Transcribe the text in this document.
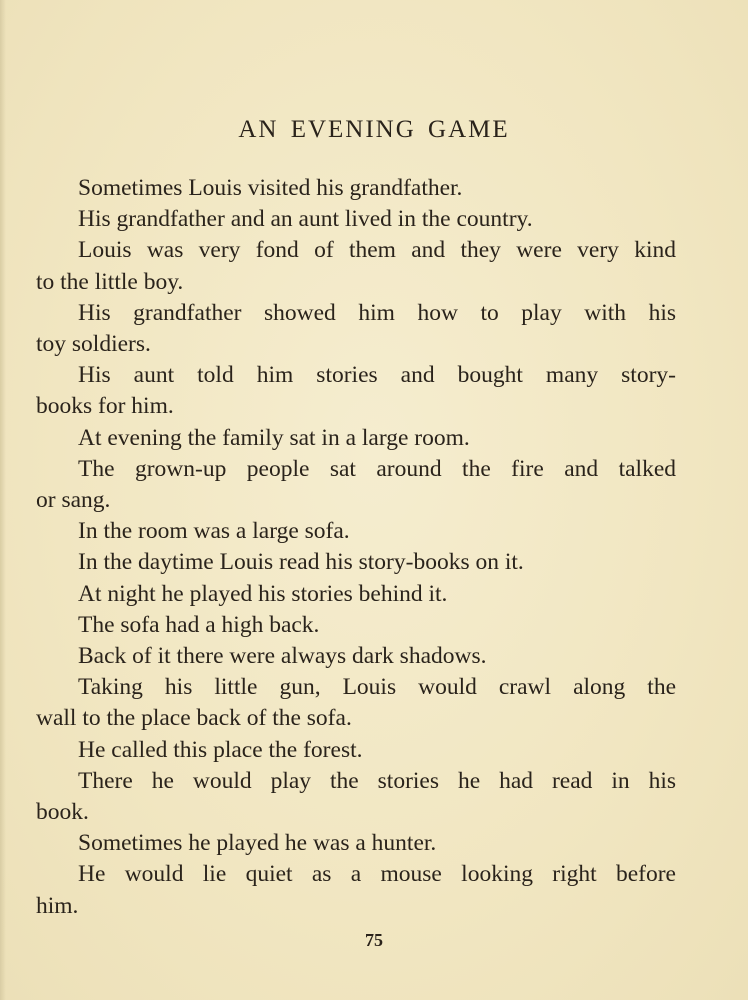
AN EVENING GAME
Sometimes Louis visited his grandfather.
His grandfather and an aunt lived in the country.
Louis was very fond of them and they were very kind
to the little boy.
His grandfather showed him how to play with his
toy soldiers.
His aunt told him stories and bought many story-
books for him.
At evening the family sat in a large room.
The grown-up people sat around the fire and talked
or sang.
In the room was a large sofa.
In the daytime Louis read his story-books on it.
At night he played his stories behind it.
The sofa had a high back.
Back of it there were always dark shadows.
Taking his little gun, Louis would crawl along the
wall to the place back of the sofa.
He called this place the forest.
There he would play the stories he had read in his
book.
Sometimes he played he was a hunter.
He would lie quiet as a mouse looking right before
him.
75
